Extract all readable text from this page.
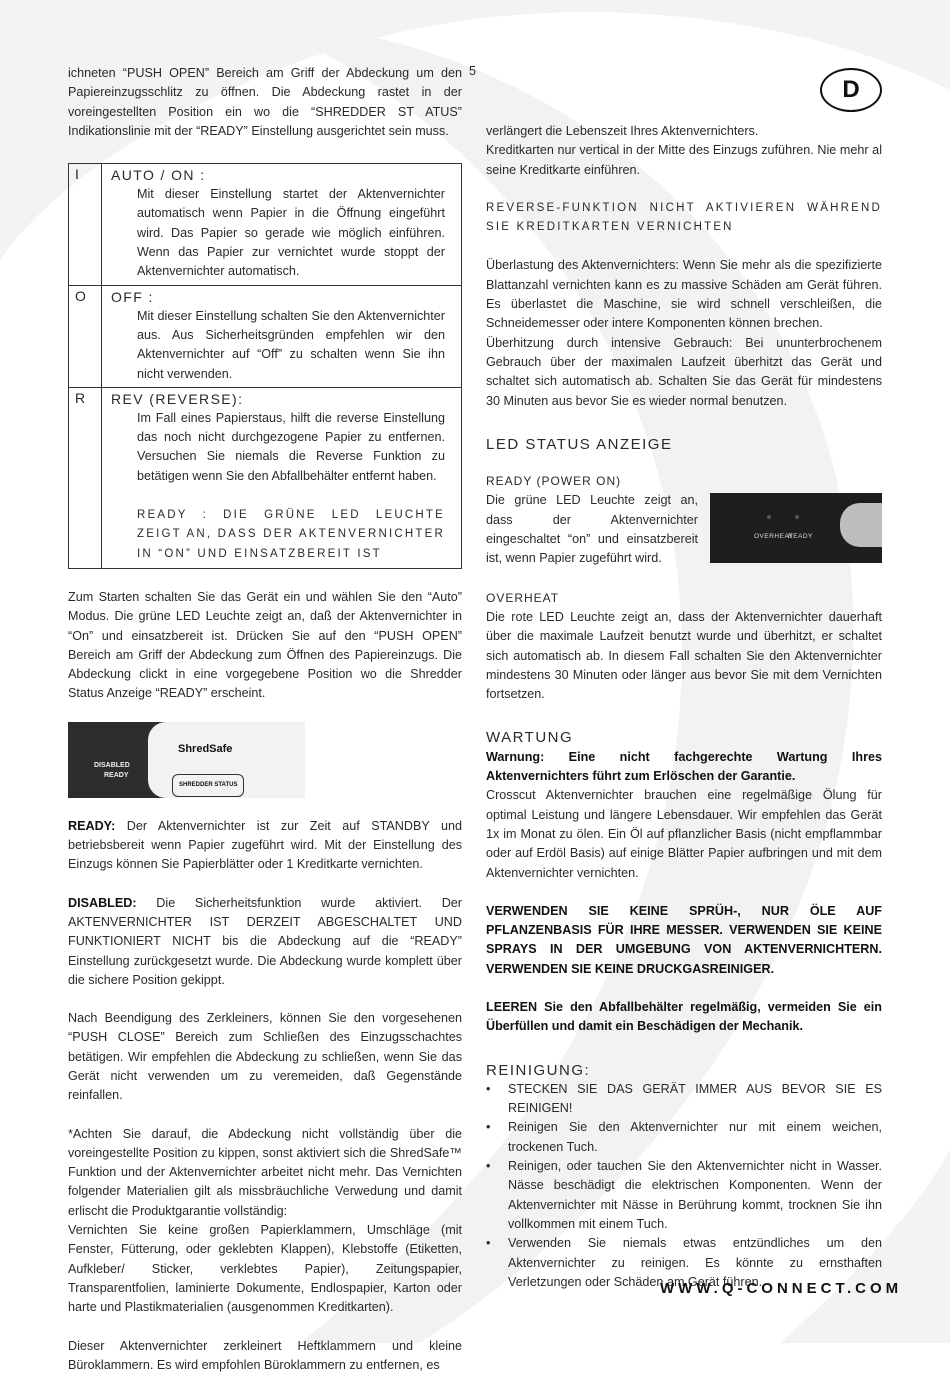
5
D

ichneten “PUSH OPEN” Bereich am Griff der Abdeckung um den Papiereinzugsschlitz zu öffnen. Die Abdeckung rastet in der voreingestellten Position ein wo die “SHREDDER ST ATUS” Indikationslinie mit der “READY” Einstellung ausgerichtet sein muss.

I	AUTO / ON :
Mit dieser Einstellung startet der Aktenvernichter automatisch wenn Papier in die Öffnung eingeführt wird. Das Papier so gerade wie möglich einführen. Wenn das Papier zur vernichtet wurde stoppt der Aktenvernichter automatisch.

O	OFF :
Mit dieser Einstellung schalten Sie den Aktenvernichter aus. Aus Sicherheitsgründen empfehlen wir den Aktenvernichter auf “Off” zu schalten wenn Sie ihn nicht verwenden.

R	REV (REVERSE):
Im Fall eines Papierstaus, hilft die reverse Einstellung das noch nicht durchgezogene Papier zu entfernen. Versuchen Sie niemals die Reverse Funktion zu betätigen wenn Sie den Abfallbehälter entfernt haben.
READY : DIE GRÜNE LED LEUCHTE ZEIGT AN, DASS DER AKTENVERNICHTER IN “ON” UND EINSATZBEREIT IST

Zum Starten schalten Sie das Gerät ein und wählen Sie den “Auto” Modus. Die grüne LED Leuchte zeigt an, daß der Aktenvernichter in “On” und einsatzbereit ist. Drücken Sie auf den “PUSH OPEN” Bereich am Griff der Abdeckung zum Öffnen des Papiereinzugs. Die Abdeckung clickt in eine vorgegebene Position wo die Shredder Status Anzeige “READY” erscheint.

DISABLED
READY
ShredSafe
SHREDDER STATUS

READY: Der Aktenvernichter ist zur Zeit auf STANDBY und betriebsbereit wenn Papier zugeführt wird. Mit der Einstellung des Einzugs können Sie Papierblätter oder 1 Kreditkarte vernichten.

DISABLED: Die Sicherheitsfunktion wurde aktiviert. Der AKTENVERNICHTER IST DERZEIT ABGESCHALTET UND FUNKTIONIERT NICHT bis die Abdeckung auf die “READY” Einstellung zurückgesetzt wurde. Die Abdeckung wurde komplett über die sichere Position gekippt.

Nach Beendigung des Zerkleiners, können Sie den vorgesehenen “PUSH CLOSE” Bereich zum Schließen des Einzugsschachtes betätigen. Wir empfehlen die Abdeckung zu schließen, wenn Sie das Gerät nicht verwenden um zu veremeiden, daß Gegenstände reinfallen.

*Achten Sie darauf, die Abdeckung nicht vollständig über die voreingestellte Position zu kippen, sonst aktiviert sich die ShredSafe™ Funktion und der Aktenvernichter arbeitet nicht mehr. Das Vernichten folgender Materialien gilt als missbräuchliche Verwedung und damit erlischt die Produktgarantie vollständig:

Vernichten Sie keine großen Papierklammern, Umschläge (mit Fenster, Fütterung, oder geklebten Klappen), Klebstoffe (Etiketten, Aufkleber/ Sticker, verklebtes Papier), Zeitungspapier, Transparentfolien, laminierte Dokumente, Endlospapier, Karton oder harte und Plastikmaterialien (ausgenommen Kreditkarten).

Dieser Aktenvernichter zerkleinert Heftklammern und kleine Büroklammern. Es wird empfohlen Büroklammern zu entfernen, es

verlängert die Lebenszeit Ihres Aktenvernichters.

Kreditkarten nur vertical in der Mitte des Einzugs zuführen. Nie mehr al seine Kreditkarte einführen.

REVERSE-FUNKTION NICHT AKTIVIEREN WÄHREND SIE KREDITKARTEN VERNICHTEN

Überlastung des Aktenvernichters: Wenn Sie mehr als die spezifizierte Blattanzahl vernichten kann es zu massive Schäden am Gerät führen. Es überlastet die Maschine, sie wird schnell verschleißen, die Schneidemesser oder intere Komponenten können brechen.

Überhitzung durch intensive Gebrauch: Bei ununterbrochenem Gebrauch über der maximalen Laufzeit überhitzt das Gerät und schaltet sich automatisch ab. Schalten Sie das Gerät für mindestens 30 Minuten aus bevor Sie es wieder normal benutzen.

LED STATUS ANZEIGE
READY (POWER ON)

Die grüne LED Leuchte zeigt an, dass der Aktenvernichter eingeschaltet “on” und einsatzbereit ist, wenn Papier zugeführt wird.

OVERHEAT
READY
OVERHEAT

Die rote LED Leuchte zeigt an, dass der Aktenvernichter dauerhaft über die maximale Laufzeit benutzt wurde und überhitzt, er schaltet sich automatisch ab. In diesem Fall schalten Sie den Aktenvernichter mindestens 30 Minuten oder länger aus bevor Sie mit dem Vernichten fortsetzen.

WARTUNG

Warnung: Eine nicht fachgerechte Wartung Ihres Aktenvernichters führt zum Erlöschen der Garantie.

Crosscut Aktenvernichter brauchen eine regelmäßige Ölung für optimal Leistung und längere Lebensdauer. Wir empfehlen das Gerät 1x im Monat zu ölen. Ein Öl auf pflanzlicher Basis (nicht empflammbar oder auf Erdöl Basis) auf einige Blätter Papier aufbringen und mit dem Aktenvernichter vernichten.

VERWENDEN SIE KEINE SPRÜH-, NUR ÖLE AUF PFLANZENBASIS FÜR IHRE MESSER. VERWENDEN SIE KEINE SPRAYS IN DER UMGEBUNG VON AKTENVERNICHTERN. VERWENDEN SIE KEINE DRUCKGASREINIGER.

LEEREN Sie den Abfallbehälter regelmäßig, vermeiden Sie ein Überfüllen und damit ein Beschädigen der Mechanik.

REINIGUNG:
• STECKEN SIE DAS GERÄT IMMER AUS BEVOR SIE ES REINIGEN!
• Reinigen Sie den Aktenvernichter nur mit einem weichen, trockenen Tuch.
• Reinigen, oder tauchen Sie den Aktenvernichter nicht in Wasser. Nässe beschädigt die elektrischen Komponenten. Wenn der Aktenvernichter mit Nässe in Berührung kommt, trocknen Sie ihn vollkommen mit einem Tuch.
• Verwenden Sie niemals etwas entzündliches um den Aktenvernichter zu reinigen. Es könnte zu ernsthaften Verletzungen oder Schäden am Gerät führen.
WWW.Q-CONNECT.COM
